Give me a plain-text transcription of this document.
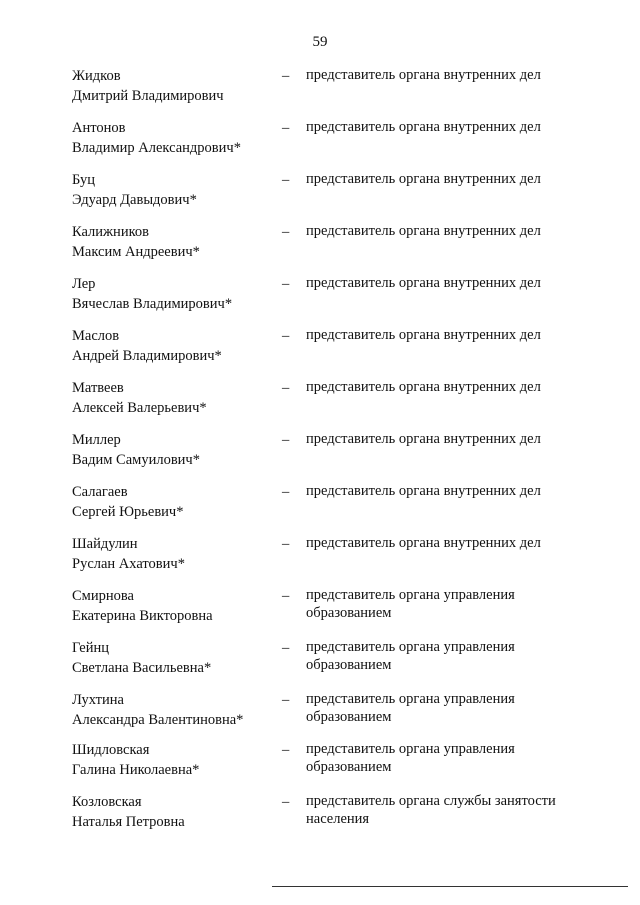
59
Жидков
Дмитрий Владимирович
– представитель органа внутренних дел
Антонов
Владимир Александрович*
– представитель органа внутренних дел
Буц
Эдуард Давыдович*
– представитель органа внутренних дел
Калижников
Максим Андреевич*
– представитель органа внутренних дел
Лер
Вячеслав Владимирович*
– представитель органа внутренних дел
Маслов
Андрей Владимирович*
– представитель органа внутренних дел
Матвеев
Алексей Валерьевич*
– представитель органа внутренних дел
Миллер
Вадим Самуилович*
– представитель органа внутренних дел
Салагаев
Сергей Юрьевич*
– представитель органа внутренних дел
Шайдулин
Руслан Ахатович*
– представитель органа внутренних дел
Смирнова
Екатерина Викторовна
– представитель органа управления образованием
Гейнц
Светлана Васильевна*
– представитель органа управления образованием
Лухтина
Александра Валентиновна*
– представитель органа управления образованием
Шидловская
Галина Николаевна*
– представитель органа управления образованием
Козловская
Наталья Петровна
– представитель органа службы занятости населения
